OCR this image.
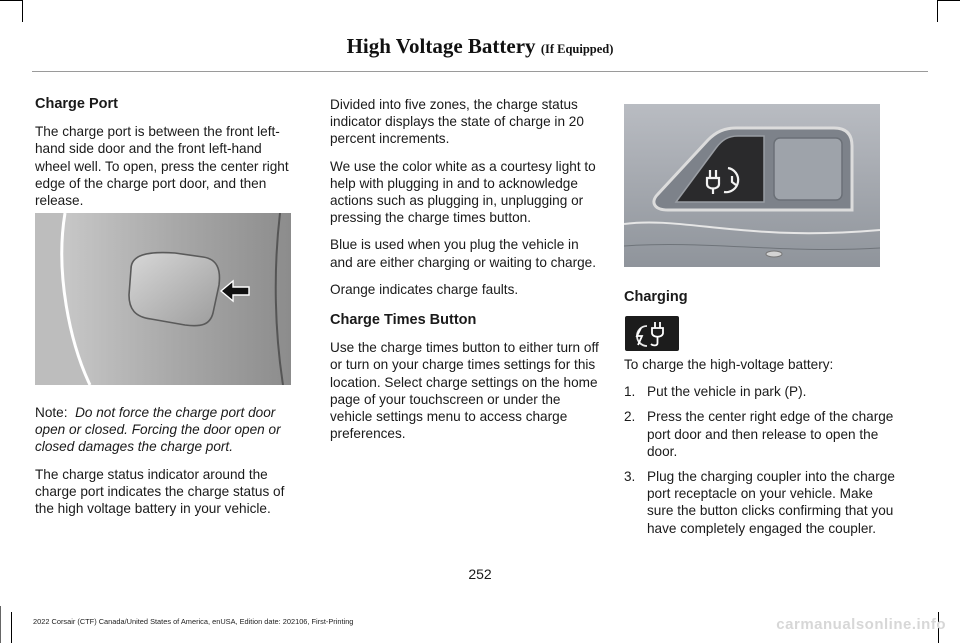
High Voltage Battery (If Equipped)
Charge Port

The charge port is between the front left-hand side door and the front left-hand wheel well. To open, press the center right edge of the charge port door, and then release.

Note: Do not force the charge port door open or closed. Forcing the door open or closed damages the charge port.

The charge status indicator around the charge port indicates the charge status of the high voltage battery in your vehicle.

Divided into five zones, the charge status indicator displays the state of charge in 20 percent increments.

We use the color white as a courtesy light to help with plugging in and to acknowledge actions such as plugging in, unplugging or pressing the charge times button.

Blue is used when you plug the vehicle in and are either charging or waiting to charge.

Orange indicates charge faults.

Charge Times Button

Use the charge times button to either turn off or turn on your charge times settings for this location. Select charge settings on the home page of your touchscreen or under the vehicle settings menu to access charge preferences.

Charging

To charge the high-voltage battery:

1. Put the vehicle in park (P).
2. Press the center right edge of the charge port door and then release to open the door.
3. Plug the charging coupler into the charge port receptacle on your vehicle. Make sure the button clicks confirming that you have completely engaged the coupler.
252
2022 Corsair (CTF) Canada/United States of America, enUSA, Edition date: 202106, First-Printing	carmanualsonline.info
